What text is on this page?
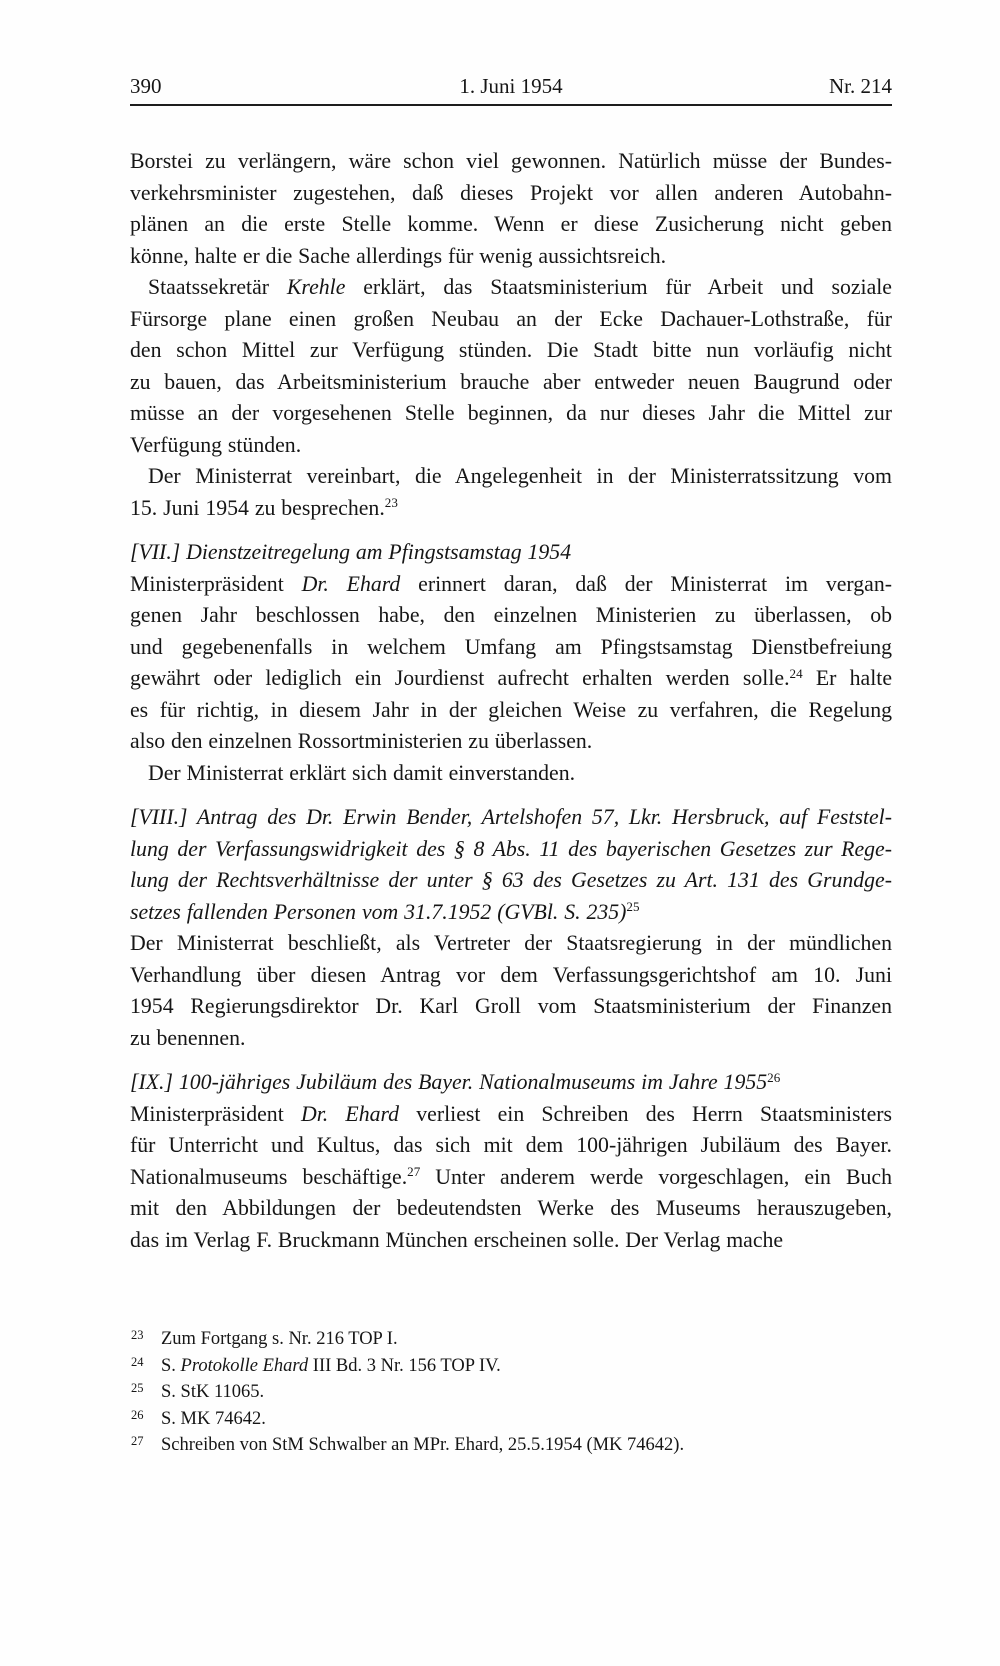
390	1. Juni 1954	Nr. 214
Borstei zu verlängern, wäre schon viel gewonnen. Natürlich müsse der Bundes-
verkehrsminister zugestehen, daß dieses Projekt vor allen anderen Autobahn-
plänen an die erste Stelle komme. Wenn er diese Zusicherung nicht geben
könne, halte er die Sache allerdings für wenig aussichtsreich.
Staatssekretär Krehle erklärt, das Staatsministerium für Arbeit und soziale
Fürsorge plane einen großen Neubau an der Ecke Dachauer-Lothstraße, für
den schon Mittel zur Verfügung stünden. Die Stadt bitte nun vorläufig nicht
zu bauen, das Arbeitsministerium brauche aber entweder neuen Baugrund oder
müsse an der vorgesehenen Stelle beginnen, da nur dieses Jahr die Mittel zur
Verfügung stünden.
Der Ministerrat vereinbart, die Angelegenheit in der Ministerratssitzung vom
15. Juni 1954 zu besprechen.$^{23}$
[VII.] Dienstzeitregelung am Pfingstsamstag 1954
Ministerpräsident Dr. Ehard erinnert daran, daß der Ministerrat im vergan-
genen Jahr beschlossen habe, den einzelnen Ministerien zu überlassen, ob
und gegebenenfalls in welchem Umfang am Pfingstsamstag Dienstbefreiung
gewährt oder lediglich ein Jourdienst aufrecht erhalten werden solle.$^{24}$ Er halte
es für richtig, in diesem Jahr in der gleichen Weise zu verfahren, die Regelung
also den einzelnen Rossortministerien zu überlassen.
Der Ministerrat erklärt sich damit einverstanden.
[VIII.] Antrag des Dr. Erwin Bender, Artelshofen 57, Lkr. Hersbruck, auf Feststel-
lung der Verfassungswidrigkeit des § 8 Abs. 11 des bayerischen Gesetzes zur Rege-
lung der Rechtsverhältnisse der unter § 63 des Gesetzes zu Art. 131 des Grundge-
setzes fallenden Personen vom 31.7.1952 (GVBl. S. 235)$^{25}$
Der Ministerrat beschließt, als Vertreter der Staatsregierung in der mündlichen
Verhandlung über diesen Antrag vor dem Verfassungsgerichtshof am 10. Juni
1954 Regierungsdirektor Dr. Karl Groll vom Staatsministerium der Finanzen
zu benennen.
[IX.] 100-jähriges Jubiläum des Bayer. Nationalmuseums im Jahre 1955$^{26}$
Ministerpräsident Dr. Ehard verliest ein Schreiben des Herrn Staatsministers
für Unterricht und Kultus, das sich mit dem 100-jährigen Jubiläum des Bayer.
Nationalmuseums beschäftige.$^{27}$ Unter anderem werde vorgeschlagen, ein Buch
mit den Abbildungen der bedeutendsten Werke des Museums herauszugeben,
das im Verlag F. Bruckmann München erscheinen solle. Der Verlag mache
23 Zum Fortgang s. Nr. 216 TOP I.
24 S. Protokolle Ehard III Bd. 3 Nr. 156 TOP IV.
25 S. StK 11065.
26 S. MK 74642.
27 Schreiben von StM Schwalber an MPr. Ehard, 25.5.1954 (MK 74642).
